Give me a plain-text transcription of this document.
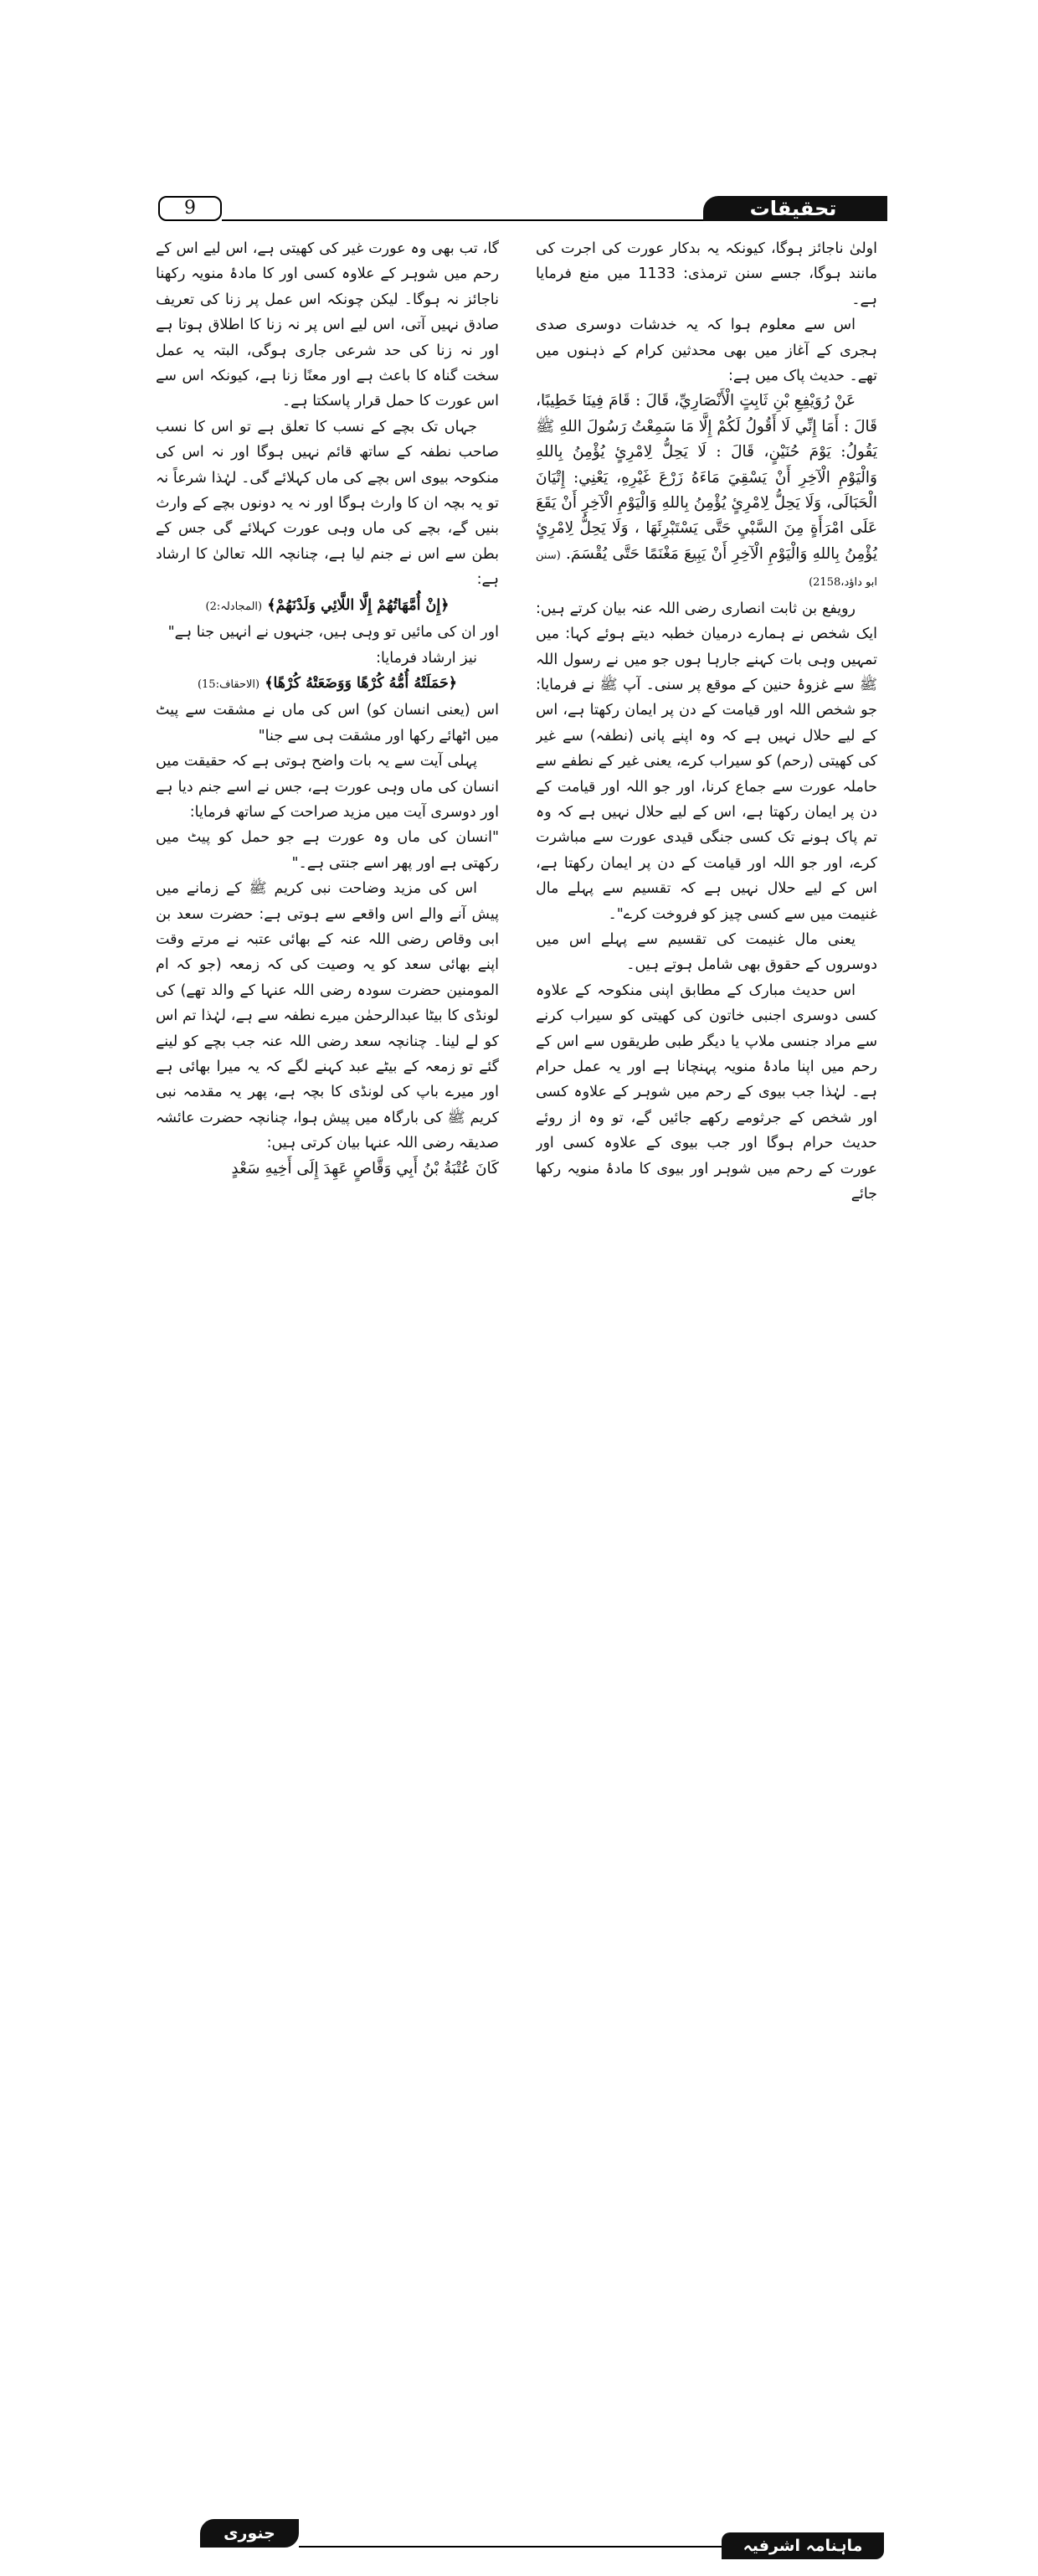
9	تحقیقات

اولیٰ ناجائز ہوگا، کیونکہ یہ بدکار عورت کی اجرت کی مانند ہوگا، جسے سنن ترمذی: 1133 میں منع فرمایا ہے۔

اس سے معلوم ہوا کہ یہ خدشات دوسری صدی ہجری کے آغاز میں بھی محدثین کرام کے ذہنوں میں تھے۔ حدیث پاک میں ہے:

عَنْ رُوَيْفِعِ بْنِ ثَابِتٍ الْأَنْصَارِيِّ، قَالَ : قَامَ فِينَا خَطِيبًا، قَالَ : أَمَا إِنِّي لَا أَقُولُ لَكُمْ إِلَّا مَا سَمِعْتُ رَسُولَ اللهِ ﷺ يَقُولُ: يَوْمَ حُنَيْنٍ، قَالَ : لَا يَحِلُّ لِامْرِئٍ يُؤْمِنُ بِاللهِ وَالْيَوْمِ الْآخِرِ أَنْ يَسْقِيَ مَاءَهُ زَرْعَ غَيْرِهِ، يَعْنِي: إِتْيَانَ الْحَبَالَى، وَلَا يَحِلُّ لِامْرِئٍ يُؤْمِنُ بِاللهِ وَالْيَوْمِ الْآخِرِ أَنْ يَقَعَ عَلَى امْرَأَةٍ مِنَ السَّبْيِ حَتَّى يَسْتَبْرِئَهَا ، وَلَا يَحِلُّ لِامْرِئٍ يُؤْمِنُ بِاللهِ وَالْيَوْمِ الْآخِرِ أَنْ يَبِيعَ مَغْنَمًا حَتَّى يُقْسَمَ. (سنن ابو داؤد،2158)

رویفع بن ثابت انصاری رضی اللہ عنہ بیان کرتے ہیں: ایک شخص نے ہمارے درمیان خطبہ دیتے ہوئے کہا: میں تمہیں وہی بات کہنے جارہا ہوں جو میں نے رسول اللہ ﷺ سے غزوۂ حنین کے موقع پر سنی۔ آپ ﷺ نے فرمایا: جو شخص اللہ اور قیامت کے دن پر ایمان رکھتا ہے، اس کے لیے حلال نہیں ہے کہ وہ اپنے پانی (نطفہ) سے غیر کی کھیتی (رحم) کو سیراب کرے، یعنی غیر کے نطفے سے حاملہ عورت سے جماع کرنا، اور جو اللہ اور قیامت کے دن پر ایمان رکھتا ہے، اس کے لیے حلال نہیں ہے کہ وہ تم پاک ہونے تک کسی جنگی قیدی عورت سے مباشرت کرے، اور جو اللہ اور قیامت کے دن پر ایمان رکھتا ہے، اس کے لیے حلال نہیں ہے کہ تقسیم سے پہلے مال غنیمت میں سے کسی چیز کو فروخت کرے"۔

یعنی مال غنیمت کی تقسیم سے پہلے اس میں دوسروں کے حقوق بھی شامل ہوتے ہیں۔

اس حدیث مبارک کے مطابق اپنی منکوحہ کے علاوہ کسی دوسری اجنبی خاتون کی کھیتی کو سیراب کرنے سے مراد جنسی ملاپ یا دیگر طبی طریقوں سے اس کے رحم میں اپنا مادۂ منویہ پہنچانا ہے اور یہ عمل حرام ہے۔ لہٰذا جب بیوی کے رحم میں شوہر کے علاوہ کسی اور شخص کے جرثومے رکھے جائیں گے، تو وہ از روئے حدیث حرام ہوگا اور جب بیوی کے علاوہ کسی اور عورت کے رحم میں شوہر اور بیوی کا مادۂ منویہ رکھا جائے

گا، تب بھی وہ عورت غیر کی کھیتی ہے، اس لیے اس کے رحم میں شوہر کے علاوہ کسی اور کا مادۂ منویہ رکھنا ناجائز نہ ہوگا۔ لیکن چونکہ اس عمل پر زنا کی تعریف صادق نہیں آتی، اس لیے اس پر نہ زنا کا اطلاق ہوتا ہے اور نہ زنا کی حد شرعی جاری ہوگی، البتہ یہ عمل سخت گناہ کا باعث ہے اور معنًا زنا ہے، کیونکہ اس سے اس عورت کا حمل قرار پاسکتا ہے۔

جہاں تک بچے کے نسب کا تعلق ہے تو اس کا نسب صاحب نطفہ کے ساتھ قائم نہیں ہوگا اور نہ اس کی منکوحہ بیوی اس بچے کی ماں کہلائے گی۔ لہٰذا شرعاً نہ تو یہ بچہ ان کا وارث ہوگا اور نہ یہ دونوں بچے کے وارث بنیں گے، بچے کی ماں وہی عورت کہلائے گی جس کے بطن سے اس نے جنم لیا ہے، چنانچہ اللہ تعالیٰ کا ارشاد ہے:

﴿إِنْ أُمَّهَاتُهُمْ إِلَّا اللَّائِي وَلَدْنَهُمْ﴾ (المجادلہ:2)

اور ان کی مائیں تو وہی ہیں، جنہوں نے انہیں جنا ہے"

نیز ارشاد فرمایا:

﴿حَمَلَتْهُ أُمُّهُ كُرْهًا وَوَضَعَتْهُ كُرْهًا﴾ (الاحقاف:15)

اس (یعنی انسان کو) اس کی ماں نے مشقت سے پیٹ میں اٹھائے رکھا اور مشقت ہی سے جنا"

پہلی آیت سے یہ بات واضح ہوتی ہے کہ حقیقت میں انسان کی ماں وہی عورت ہے، جس نے اسے جنم دیا ہے اور دوسری آیت میں مزید صراحت کے ساتھ فرمایا:

"انسان کی ماں وہ عورت ہے جو حمل کو پیٹ میں رکھتی ہے اور پھر اسے جنتی ہے۔"

اس کی مزید وضاحت نبی کریم ﷺ کے زمانے میں پیش آنے والے اس واقعے سے ہوتی ہے: حضرت سعد بن ابی وقاص رضی اللہ عنہ کے بھائی عتبہ نے مرتے وقت اپنے بھائی سعد کو یہ وصیت کی کہ زمعہ (جو کہ ام المومنین حضرت سودہ رضی اللہ عنہا کے والد تھے) کی لونڈی کا بیٹا عبدالرحمٰن میرے نطفہ سے ہے، لہٰذا تم اس کو لے لینا۔ چنانچہ سعد رضی اللہ عنہ جب بچے کو لینے گئے تو زمعہ کے بیٹے عبد کہنے لگے کہ یہ میرا بھائی ہے اور میرے باپ کی لونڈی کا بچہ ہے، پھر یہ مقدمہ نبی کریم ﷺ کی بارگاہ میں پیش ہوا، چنانچہ حضرت عائشہ صدیقہ رضی اللہ عنہا بیان کرتی ہیں:

كَانَ عُتْبَةُ بْنُ أَبِي وَقَّاصٍ عَهِدَ إِلَى أَخِيهِ سَعْدٍ

جنوری 2021
ماہنامہ اشرفیہ
